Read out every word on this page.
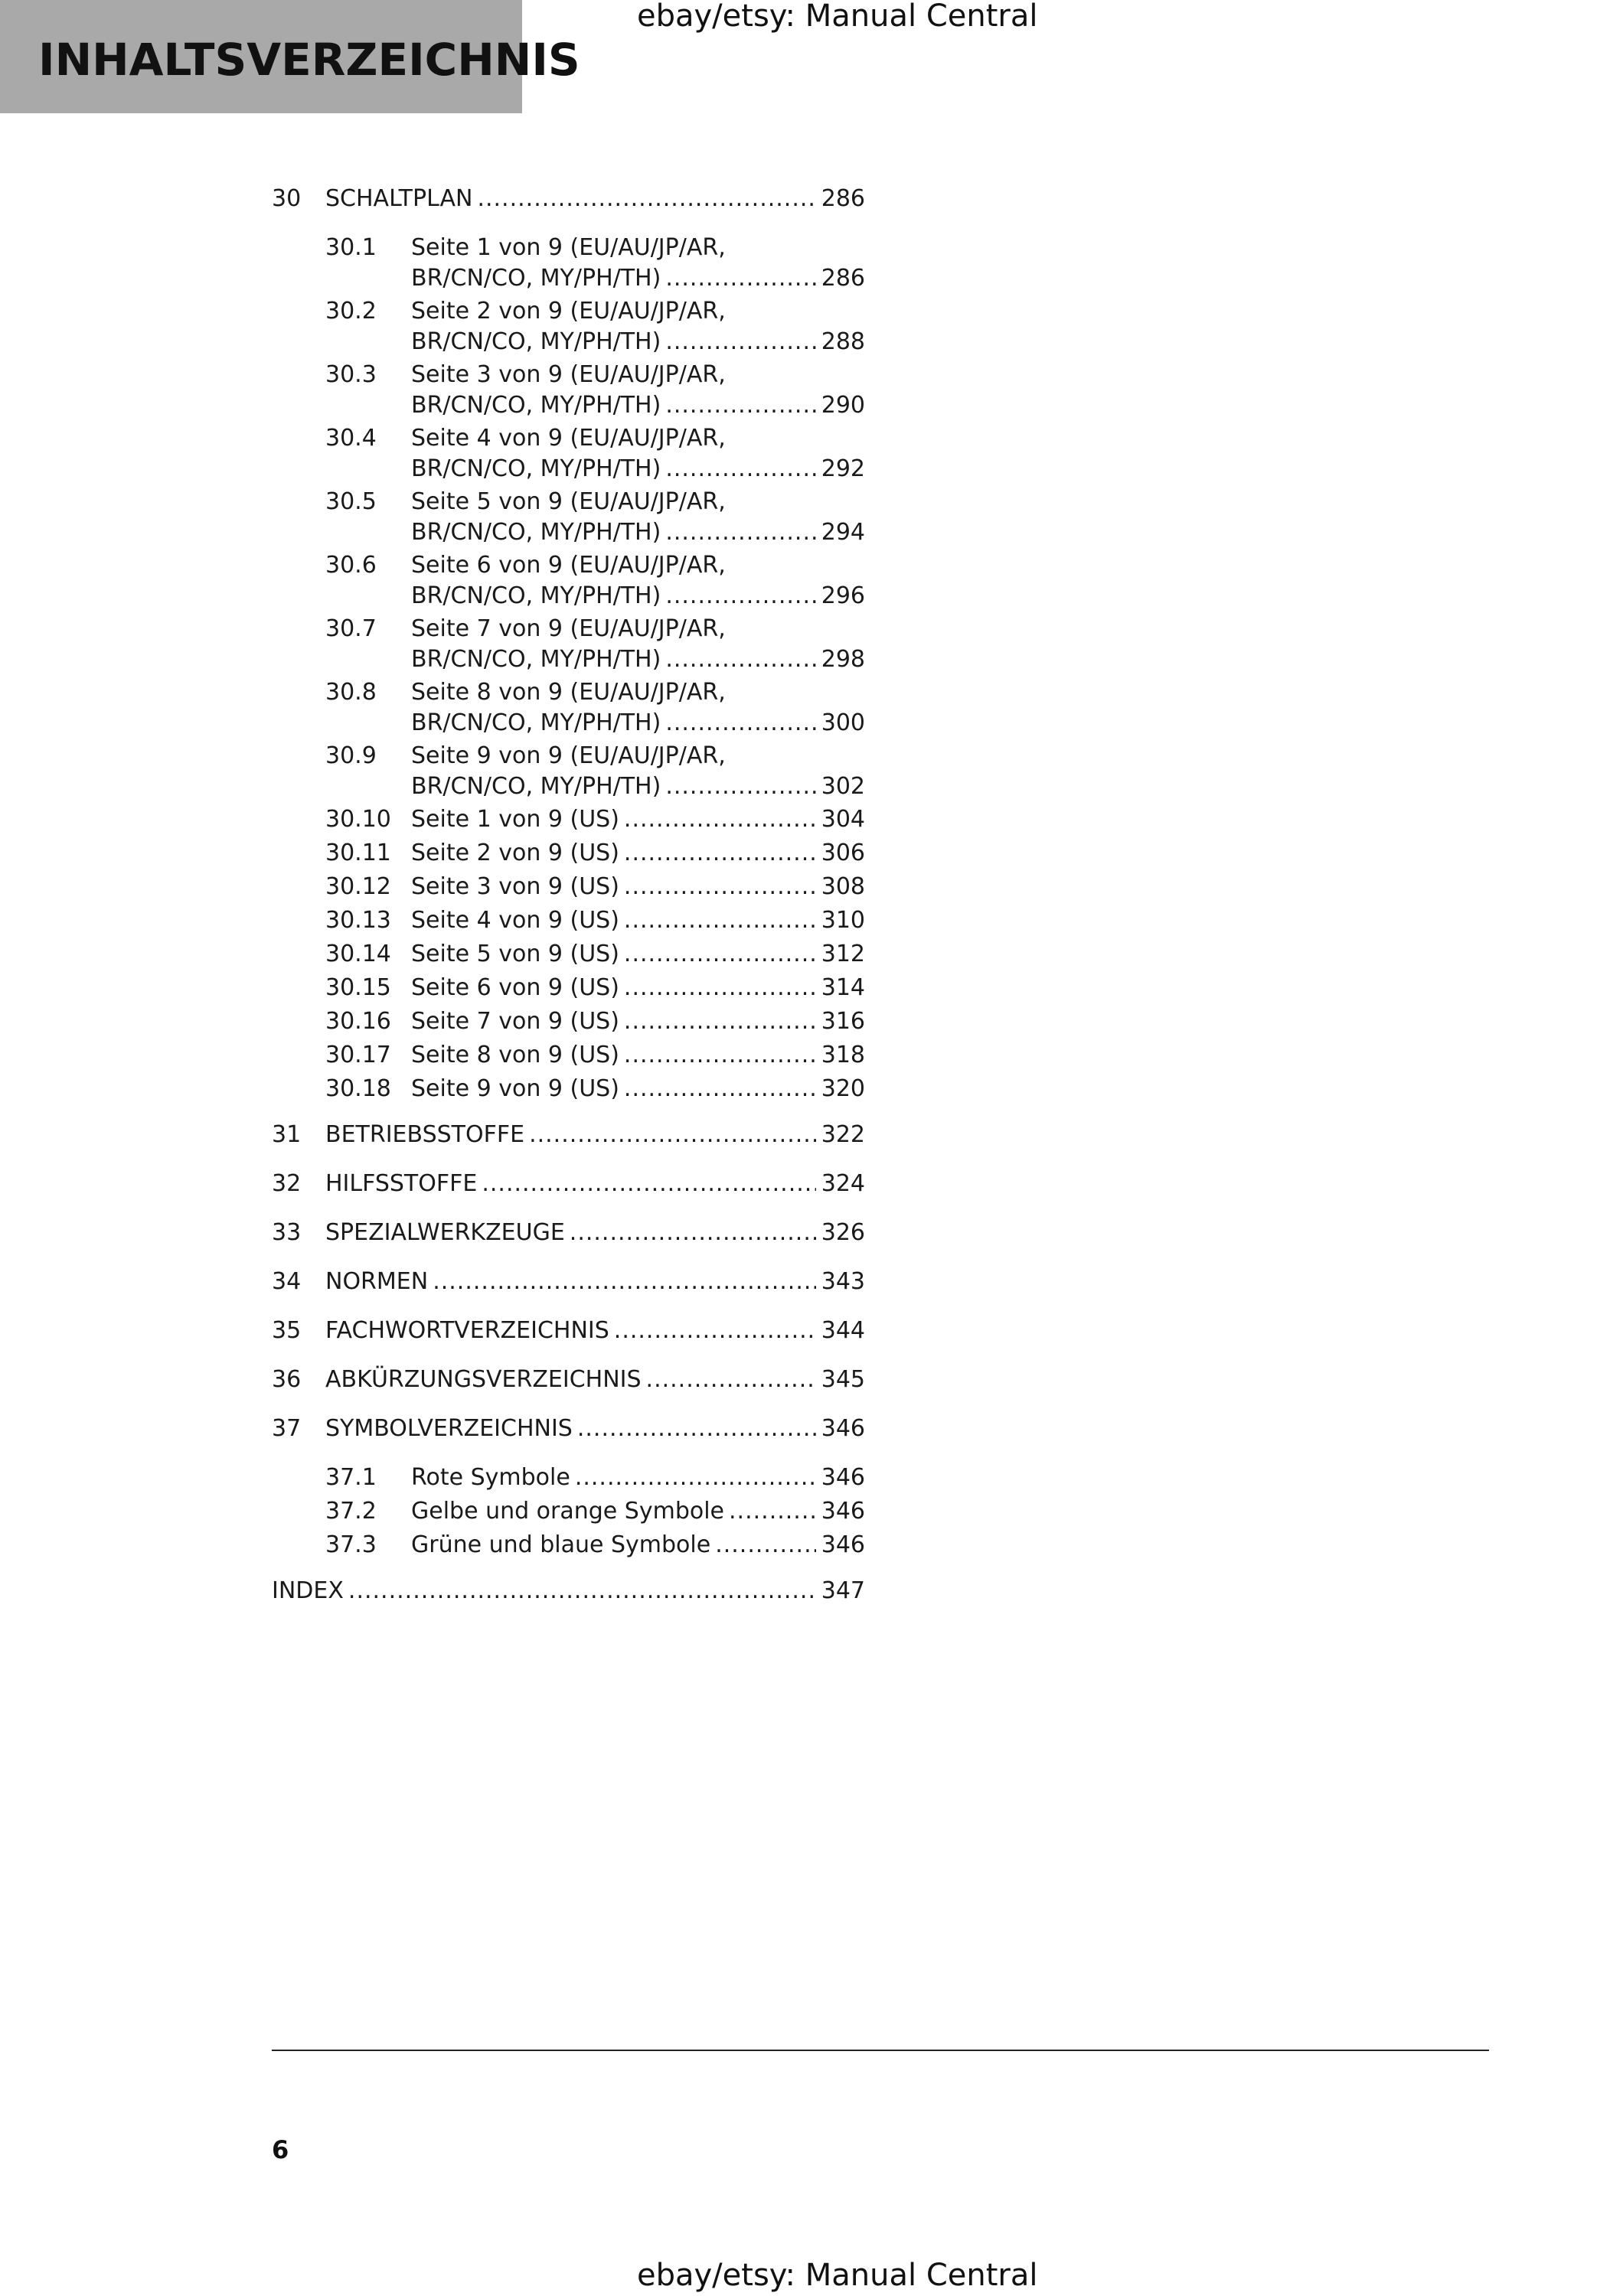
INHALTSVERZEICHNIS
ebay/etsy: Manual Central
30 SCHALTPLAN .....	286
30.1 Seite 1 von 9 (EU/AU/JP/AR,
BR/CN/CO, MY/PH/TH) .....	286
30.2 Seite 2 von 9 (EU/AU/JP/AR,
BR/CN/CO, MY/PH/TH) .....	288
30.3 Seite 3 von 9 (EU/AU/JP/AR,
BR/CN/CO, MY/PH/TH) .....	290
30.4 Seite 4 von 9 (EU/AU/JP/AR,
BR/CN/CO, MY/PH/TH) .....	292
30.5 Seite 5 von 9 (EU/AU/JP/AR,
BR/CN/CO, MY/PH/TH) .....	294
30.6 Seite 6 von 9 (EU/AU/JP/AR,
BR/CN/CO, MY/PH/TH) .....	296
30.7 Seite 7 von 9 (EU/AU/JP/AR,
BR/CN/CO, MY/PH/TH) .....	298
30.8 Seite 8 von 9 (EU/AU/JP/AR,
BR/CN/CO, MY/PH/TH) .....	300
30.9 Seite 9 von 9 (EU/AU/JP/AR,
BR/CN/CO, MY/PH/TH) .....	302
30.10 Seite 1 von 9 (US) .....	304
30.11 Seite 2 von 9 (US) .....	306
30.12 Seite 3 von 9 (US) .....	308
30.13 Seite 4 von 9 (US) .....	310
30.14 Seite 5 von 9 (US) .....	312
30.15 Seite 6 von 9 (US) .....	314
30.16 Seite 7 von 9 (US) .....	316
30.17 Seite 8 von 9 (US) .....	318
30.18 Seite 9 von 9 (US) .....	320
31 BETRIEBSSTOFFE .....	322
32 HILFSSTOFFE .....	324
33 SPEZIALWERKZEUGE .....	326
34 NORMEN .....	343
35 FACHWORTVERZEICHNIS .....	344
36 ABKÜRZUNGSVERZEICHNIS .....	345
37 SYMBOLVERZEICHNIS .....	346
37.1 Rote Symbole .....	346
37.2 Gelbe und orange Symbole .....	346
37.3 Grüne und blaue Symbole .....	346
INDEX .....	347
6
ebay/etsy: Manual Central
